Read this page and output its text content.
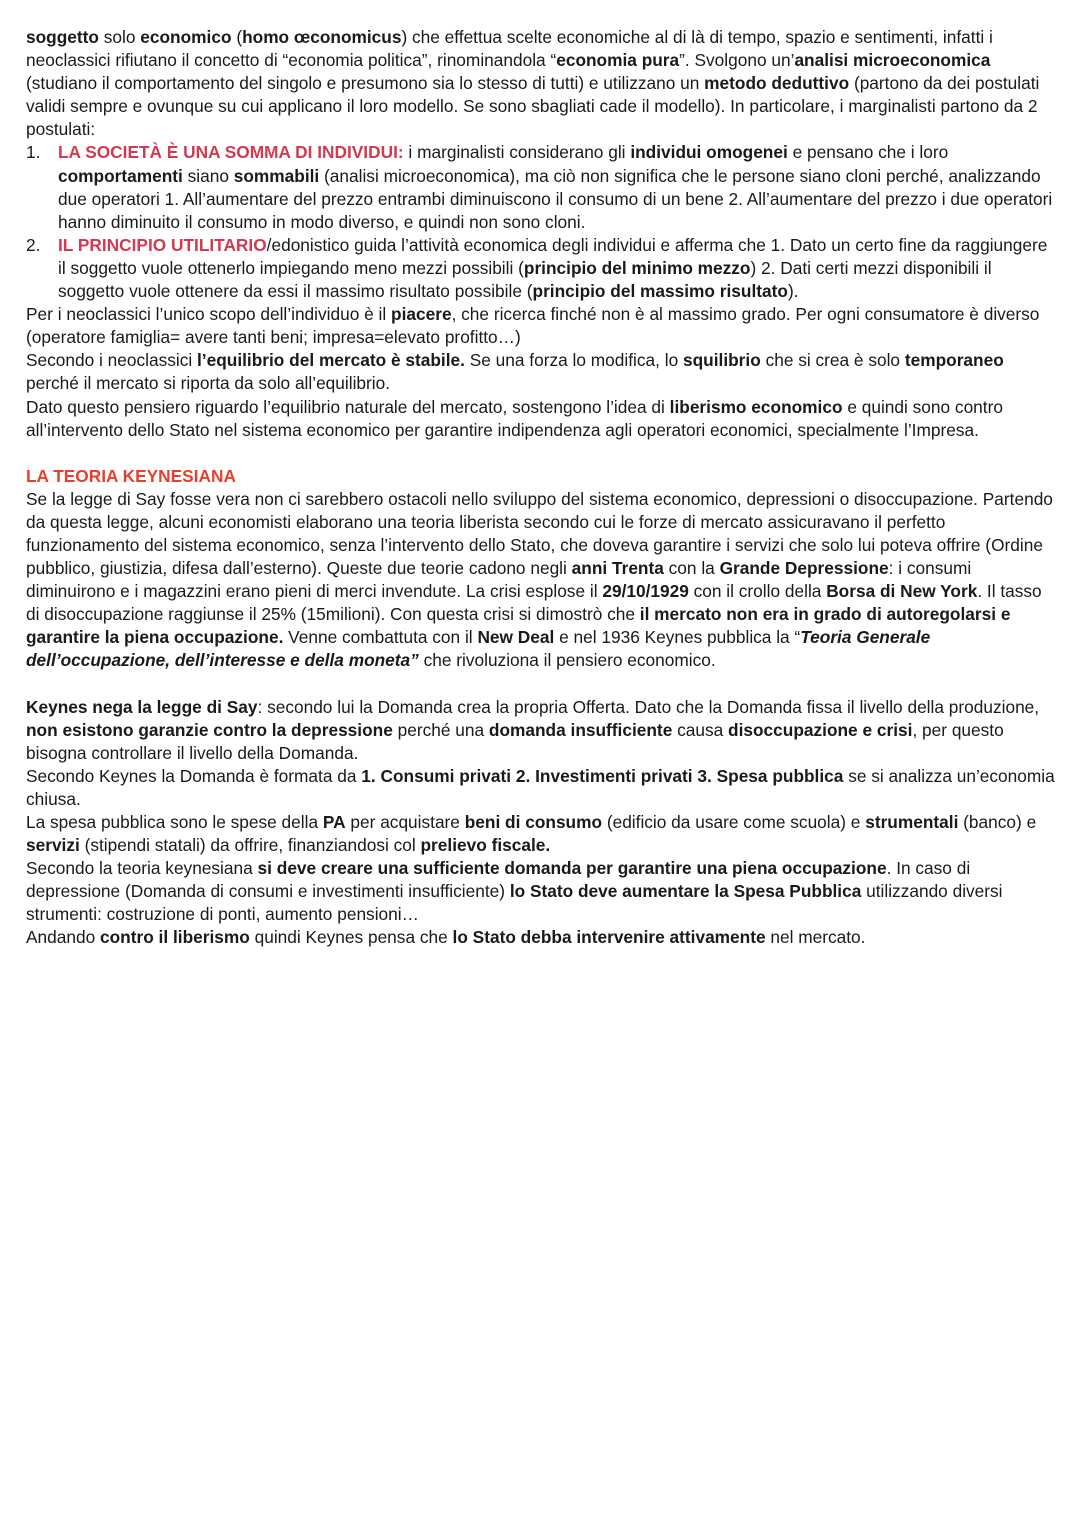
soggetto solo economico (homo œconomicus) che effettua scelte economiche al di là di tempo, spazio e sentimenti, infatti i neoclassici rifiutano il concetto di “economia politica”, rinominandola “economia pura”. Svolgono un’analisi microeconomica (studiano il comportamento del singolo e presumono sia lo stesso di tutti) e utilizzano un metodo deduttivo (partono da dei postulati validi sempre e ovunque su cui applicano il loro modello. Se sono sbagliati cade il modello). In particolare, i marginalisti partono da 2 postulati:

1. LA SOCIETÀ È UNA SOMMA DI INDIVIDUI: i marginalisti considerano gli individui omogenei e pensano che i loro comportamenti siano sommabili (analisi microeconomica), ma ciò non significa che le persone siano cloni perché, analizzando due operatori 1. All’aumentare del prezzo entrambi diminuiscono il consumo di un bene 2. All’aumentare del prezzo i due operatori hanno diminuito il consumo in modo diverso, e quindi non sono cloni.
2. IL PRINCIPIO UTILITARIO/edonistico guida l’attività economica degli individui e afferma che 1. Dato un certo fine da raggiungere il soggetto vuole ottenerlo impiegando meno mezzi possibili (principio del minimo mezzo) 2. Dati certi mezzi disponibili il soggetto vuole ottenere da essi il massimo risultato possibile (principio del massimo risultato).

Per i neoclassici l’unico scopo dell’individuo è il piacere, che ricerca finché non è al massimo grado. Per ogni consumatore è diverso (operatore famiglia= avere tanti beni; impresa=elevato profitto…)

Secondo i neoclassici l’equilibrio del mercato è stabile. Se una forza lo modifica, lo squilibrio che si crea è solo temporaneo perché il mercato si riporta da solo all’equilibrio.

Dato questo pensiero riguardo l’equilibrio naturale del mercato, sostengono l’idea di liberismo economico e quindi sono contro all’intervento dello Stato nel sistema economico per garantire indipendenza agli operatori economici, specialmente l’Impresa.

LA TEORIA KEYNESIANA

Se la legge di Say fosse vera non ci sarebbero ostacoli nello sviluppo del sistema economico, depressioni o disoccupazione. Partendo da questa legge, alcuni economisti elaborano una teoria liberista secondo cui le forze di mercato assicuravano il perfetto funzionamento del sistema economico, senza l’intervento dello Stato, che doveva garantire i servizi che solo lui poteva offrire (Ordine pubblico, giustizia, difesa dall’esterno). Queste due teorie cadono negli anni Trenta con la Grande Depressione: i consumi diminuirono e i magazzini erano pieni di merci invendute. La crisi esplose il 29/10/1929 con il crollo della Borsa di New York. Il tasso di disoccupazione raggiunse il 25% (15milioni). Con questa crisi si dimostrò che il mercato non era in grado di autoregolarsi e garantire la piena occupazione. Venne combattuta con il New Deal e nel 1936 Keynes pubblica la “Teoria Generale dell’occupazione, dell’interesse e della moneta” che rivoluziona il pensiero economico.

Keynes nega la legge di Say: secondo lui la Domanda crea la propria Offerta. Dato che la Domanda fissa il livello della produzione, non esistono garanzie contro la depressione perché una domanda insufficiente causa disoccupazione e crisi, per questo bisogna controllare il livello della Domanda.

Secondo Keynes la Domanda è formata da 1. Consumi privati 2. Investimenti privati 3. Spesa pubblica se si analizza un’economia chiusa.

La spesa pubblica sono le spese della PA per acquistare beni di consumo (edificio da usare come scuola) e strumentali (banco) e servizi (stipendi statali) da offrire, finanziandosi col prelievo fiscale.

Secondo la teoria keynesiana si deve creare una sufficiente domanda per garantire una piena occupazione. In caso di depressione (Domanda di consumi e investimenti insufficiente) lo Stato deve aumentare la Spesa Pubblica utilizzando diversi strumenti: costruzione di ponti, aumento pensioni…

Andando contro il liberismo quindi Keynes pensa che lo Stato debba intervenire attivamente nel mercato.
